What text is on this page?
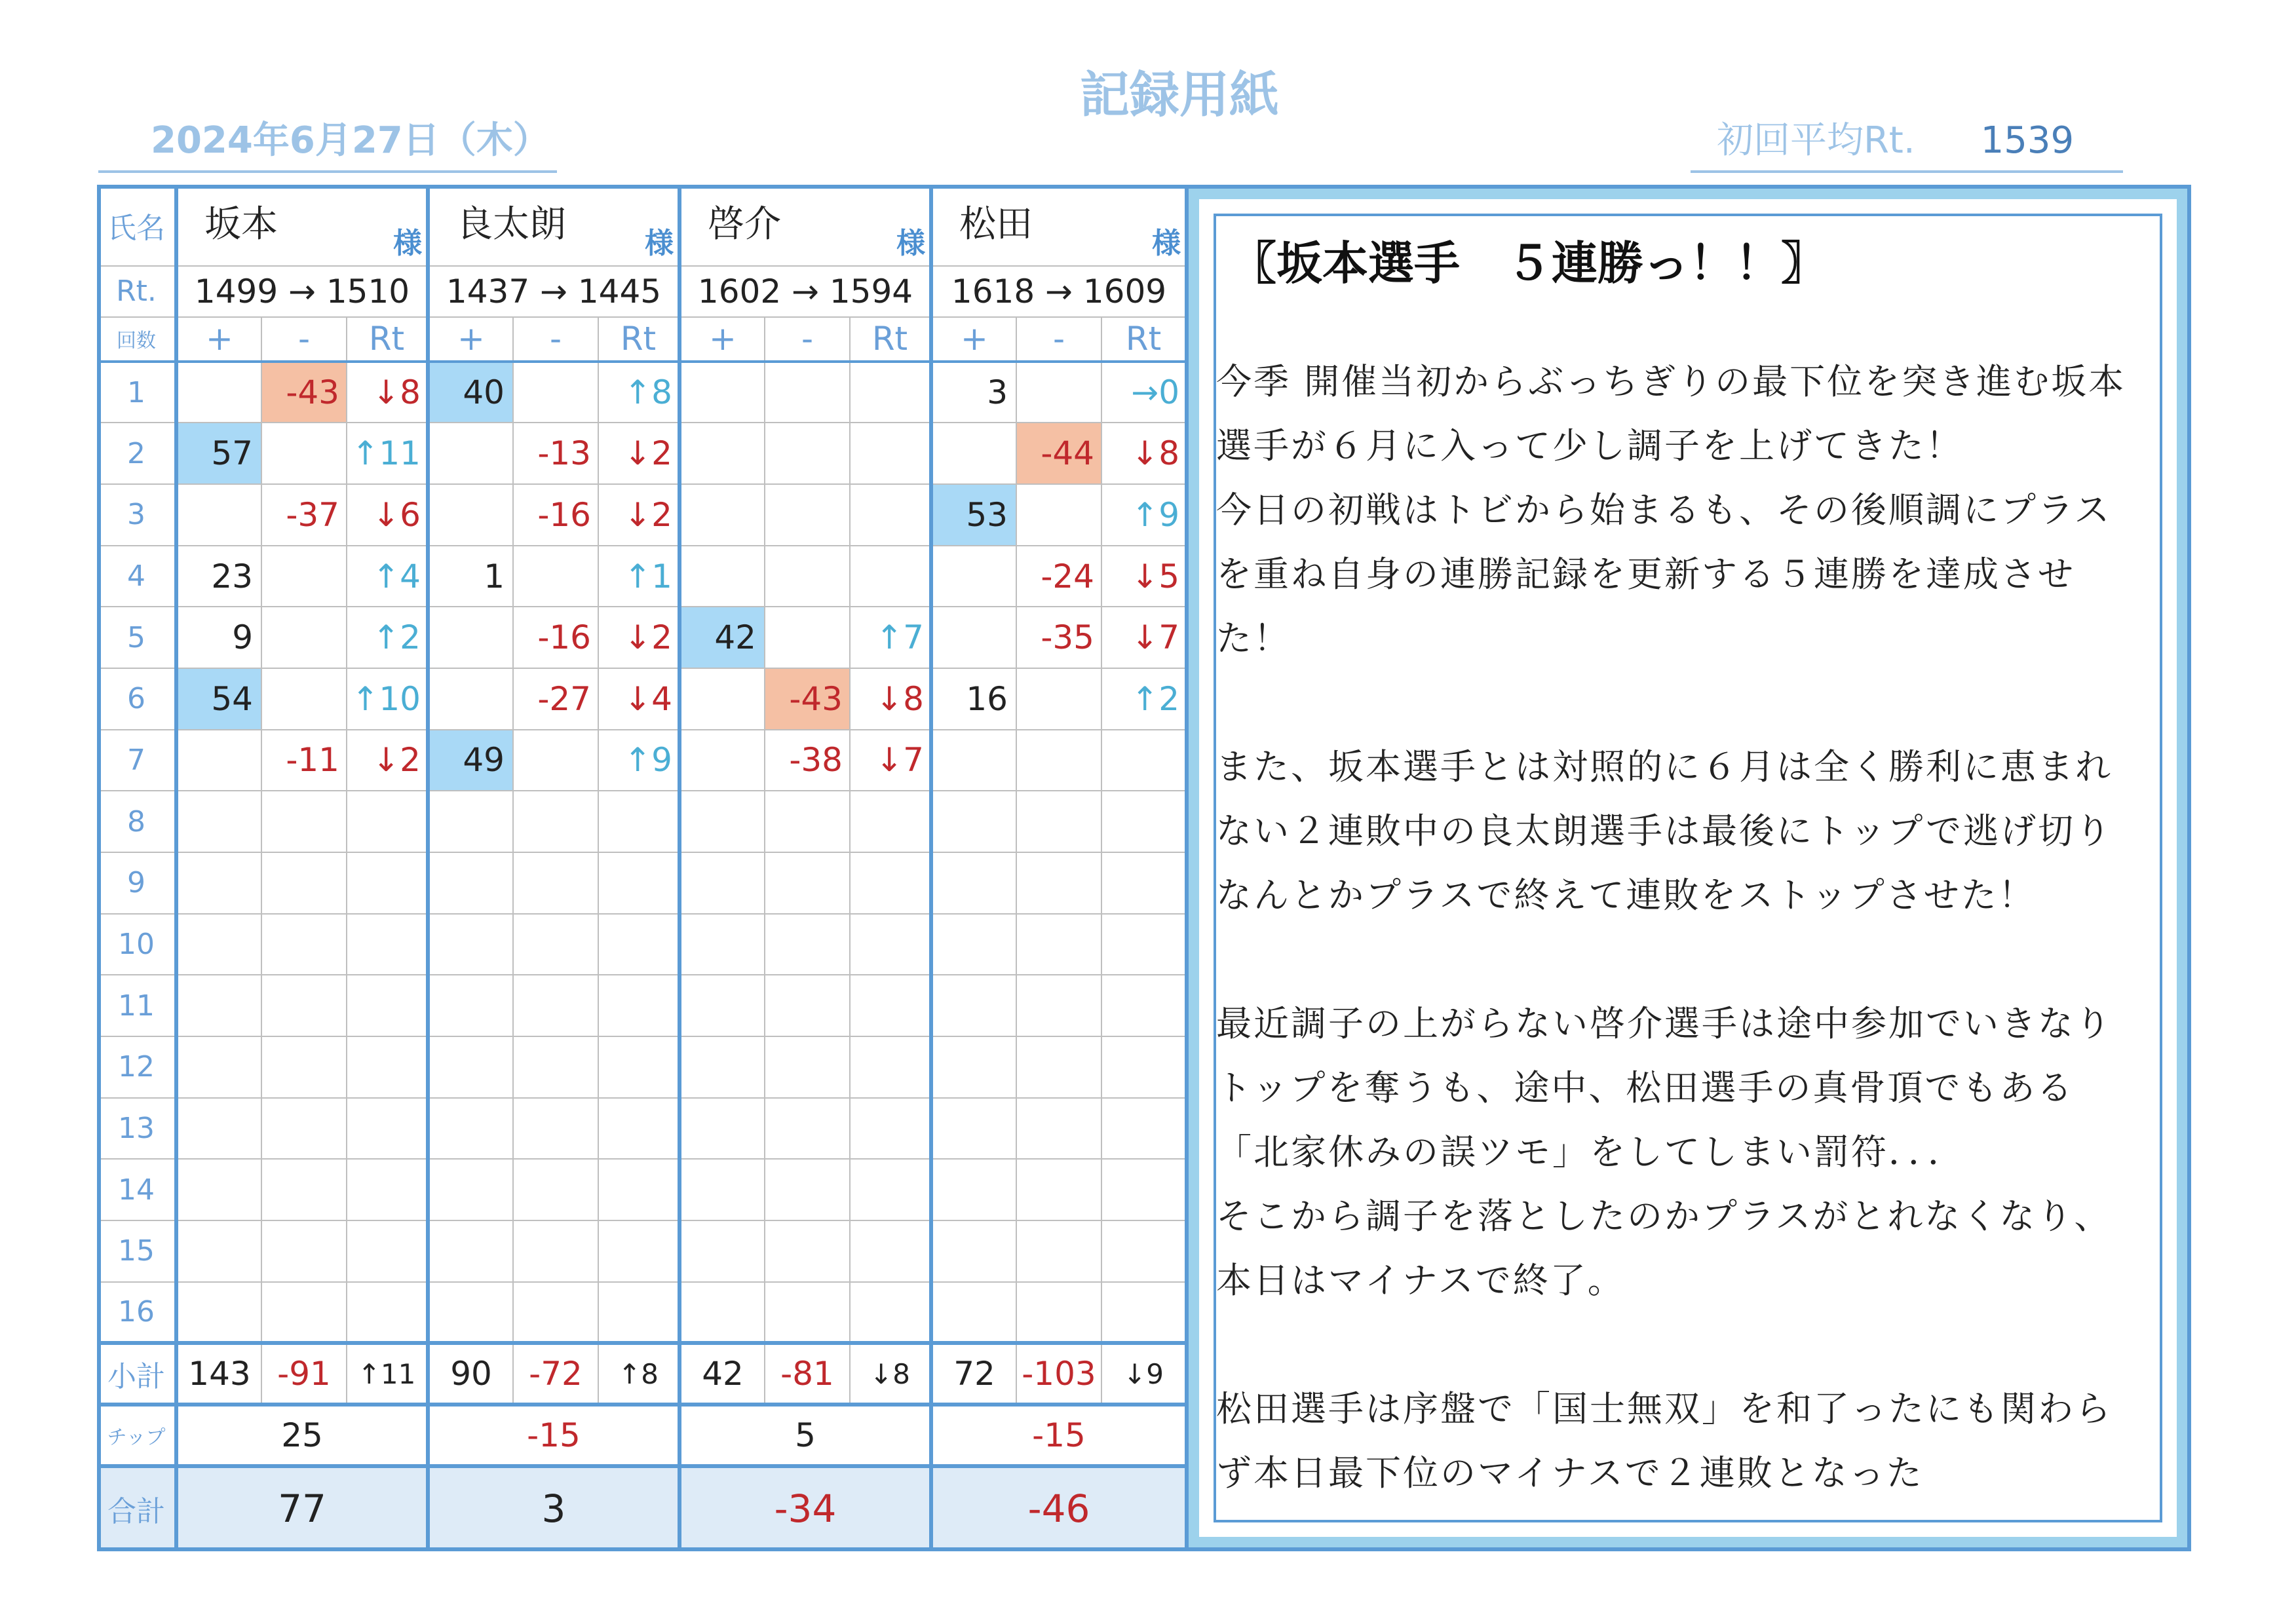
記録用紙
2024年6月27日（木）	初回平均Rt. 1539
氏名	坂本 様			良太朗 様			啓介 様			松田 様		

Rt.	1499 → 1510			1437 → 1445			1602 → 1594			1618 → 1609		
回数	+	-	Rt	+	-	Rt	+	-	Rt	+	-	Rt
1		-43	↓8	40		↑8				3		→0
2	57		↑11		-13	↓2					-44	↓8
3		-37	↓6		-16	↓2				53		↑9
4	23		↑4	1		↑1					-24	↓5
5	9		↑2		-16	↓2	42		↑7		-35	↓7
6	54		↑10		-27	↓4		-43	↓8	16		↑2
7		-11	↓2	49		↑9		-38	↓7			
8												
9												
10												
11												
12												
13												
14												
15												
16												
小計	143	-91	↑11	90	-72	↑8	42	-81	↓8	72	-103	↓9
チップ	25			-15			5			-15		
合計	77			3			-34			-46		
〖坂本選手　５連勝っ！！〗

今季 開催当初からぶっちぎりの最下位を突き進む坂本

選手が６月に入って少し調子を上げてきた！

今日の初戦はトビから始まるも、その後順調にプラス

を重ね自身の連勝記録を更新する５連勝を達成させ

た！

また、坂本選手とは対照的に６月は全く勝利に恵まれ

ない２連敗中の良太朗選手は最後にトップで逃げ切り

なんとかプラスで終えて連敗をストップさせた！

最近調子の上がらない啓介選手は途中参加でいきなり

トップを奪うも、途中、松田選手の真骨頂でもある

「北家休みの誤ツモ」をしてしまい罰符．．．

そこから調子を落としたのかプラスがとれなくなり、

本日はマイナスで終了。

松田選手は序盤で「国士無双」を和了ったにも関わら

ず本日最下位のマイナスで２連敗となった
